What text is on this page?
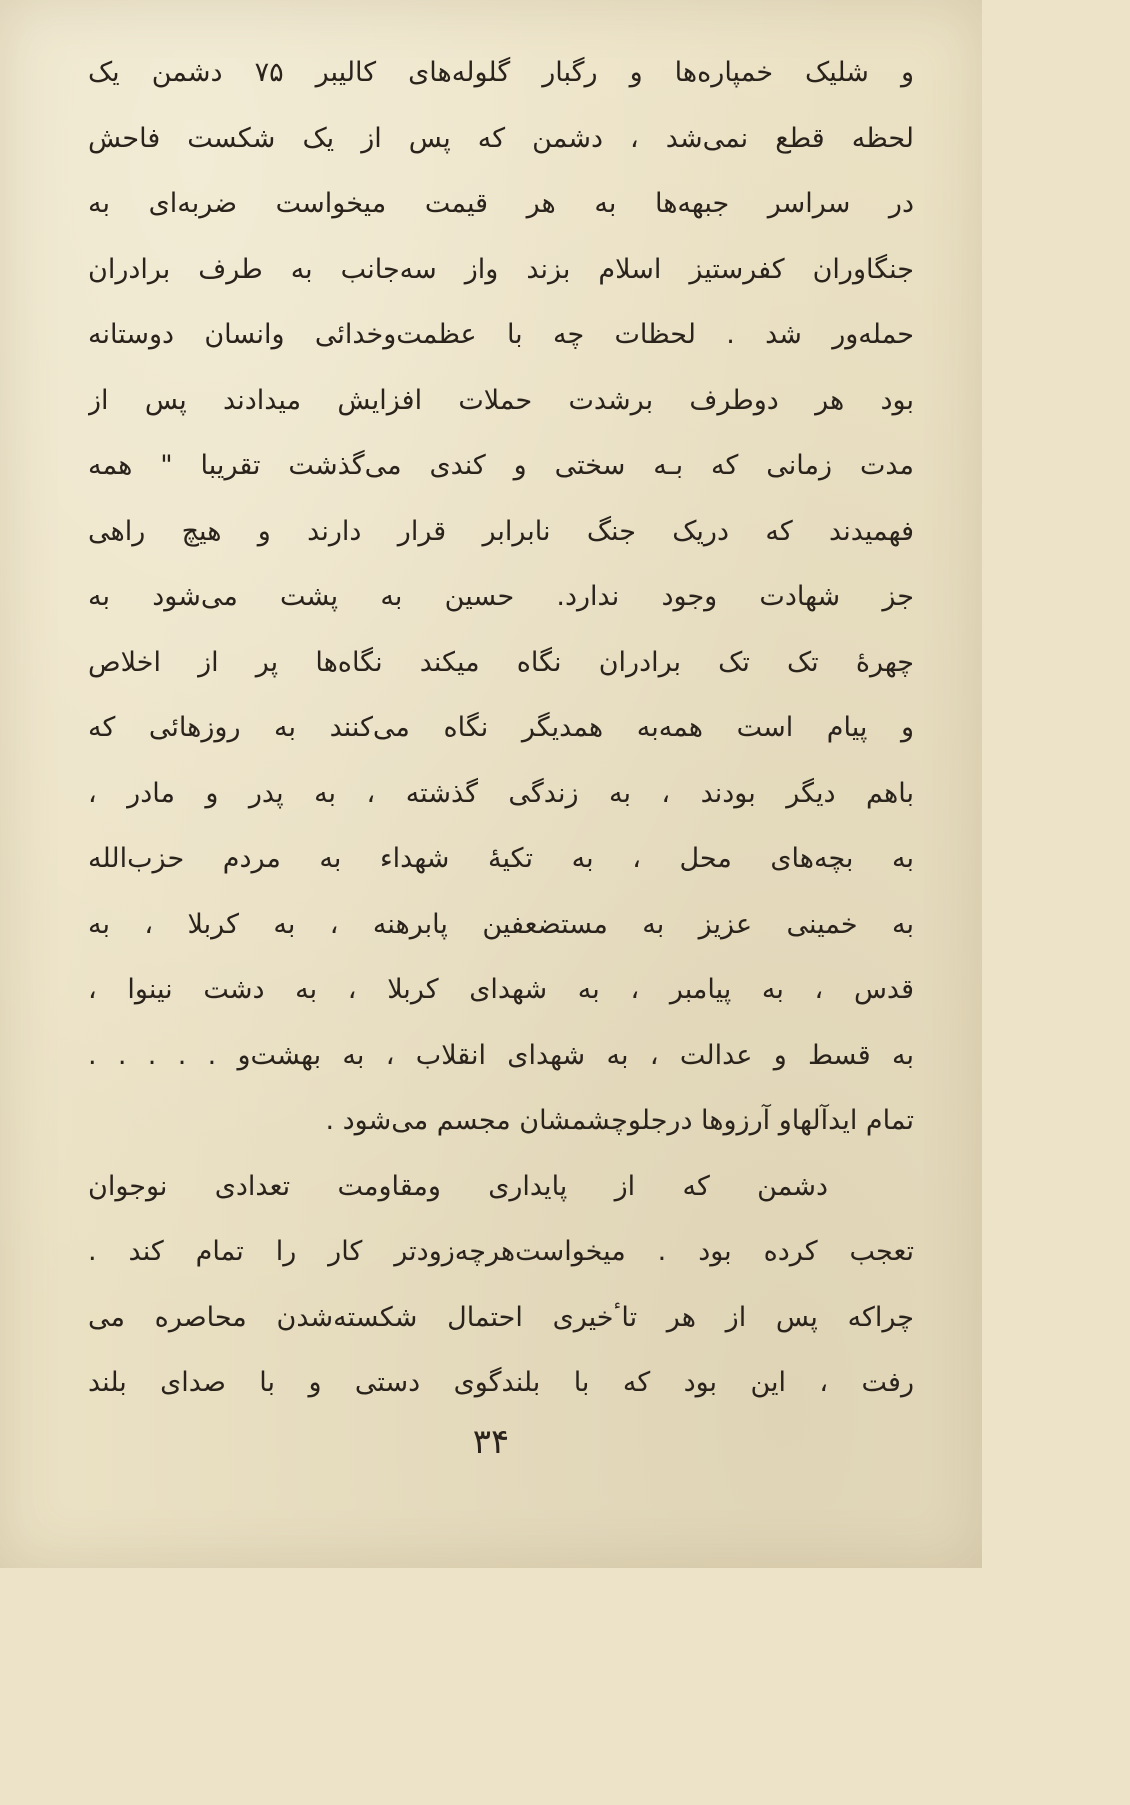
و شلیک خمپاره‌ها و رگبار گلوله‌های کالیبر ۷۵ دشمن یک
لحظه قطع نمی‌شد ، دشمن که پس از یک شکست فاحش
در سراسر جبهه‌ها به هر قیمت میخواست ضربه‌ای به
جنگاوران کفرستیز اسلام بزند واز سه‌جانب به طرف برادران
حمله‌ور شد . لحظات چه با عظمت‌وخدائی وانسان دوستانه
بود هر دوطرف برشدت حملات افزایش میدادند پس از
مدت زمانی که بـه سختی و کندی می‌گذشت تقریبا " همه
فهمیدند که دریک جنگ نابرابر قرار دارند و هیچ راهی
جز شهادت وجود ندارد. حسین به پشت می‌شود به
چهرهٔ تک تک برادران نگاه میکند نگاه‌ها پر از اخلاص
و پیام است همه‌به همدیگر نگاه می‌کنند به روزهائی که
باهم دیگر بودند ، به زندگی گذشته ، به پدر و مادر ،
به بچه‌های محل ، به تکیهٔ شهداء به مردم حزب‌الله
به خمینی عزیز به مستضعفین پابرهنه ، به کربلا ، به
قدس ، به پیامبر ، به شهدای کربلا ، به دشت نینوا ،
به قسط و عدالت ، به شهدای انقلاب ، به بهشت‌و . . . . .
تمام ایدآلهاو آرزوها درجلوچشمشان مجسم می‌شود .
دشمن که از پایداری ومقاومت تعدادی نوجوان
تعجب کرده بود . میخواست‌هرچه‌زودتر کار را تمام کند .
چراکه پس از هر تاٴخیری احتمال شکسته‌شدن محاصره می
رفت ، این بود که با بلندگوی دستی و با صدای بلند
۳۴
